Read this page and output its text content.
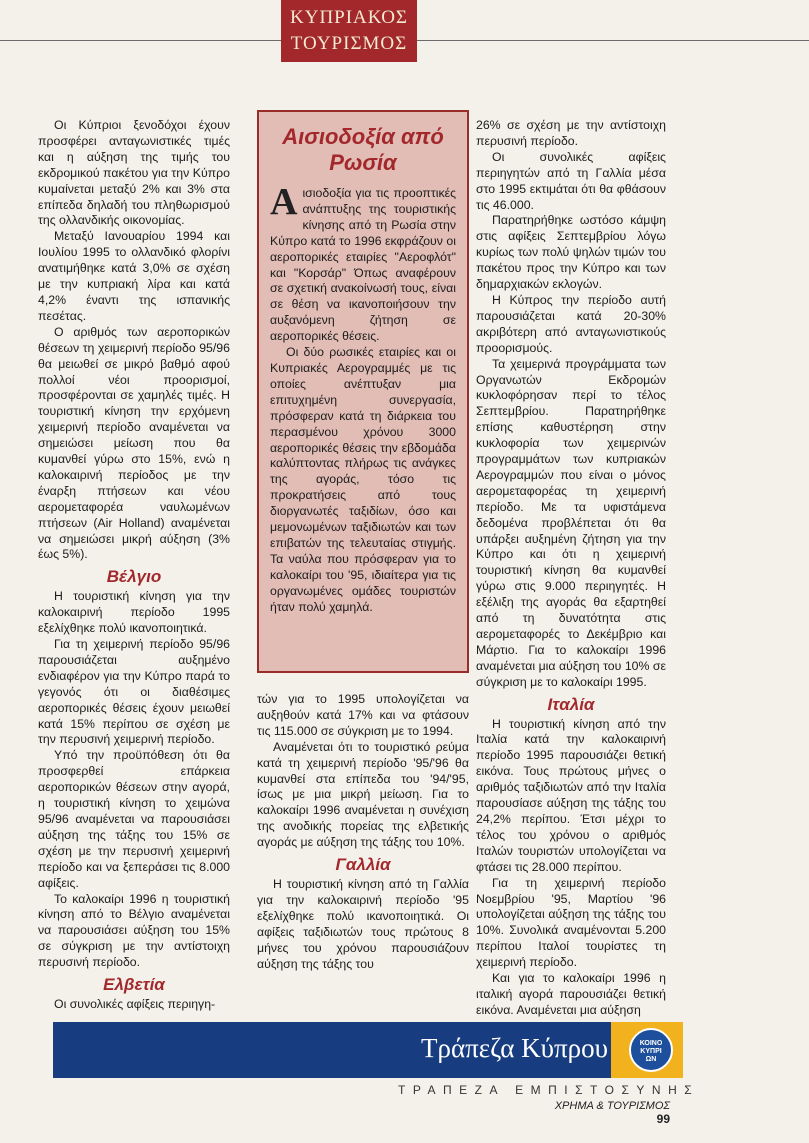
ΚΥΠΡΙΑΚΟΣ
ΤΟΥΡΙΣΜΟΣ

Οι Κύπριοι ξενοδόχοι έχουν προσφέρει ανταγωνιστικές τιμές και η αύξηση της τιμής του εκδρομικού πακέτου για την Κύπρο κυμαίνεται μεταξύ 2% και 3% στα επίπεδα δηλαδή του πληθωρισμού της ολλανδικής οικονομίας.

Μεταξύ Ιανουαρίου 1994 και Ιουλίου 1995 το ολλανδικό φλορίνι ανατιμήθηκε κατά 3,0% σε σχέση με την κυπριακή λίρα και κατά 4,2% έναντι της ισπανικής πεσέτας.

Ο αριθμός των αεροπορικών θέσεων τη χειμερινή περίοδο 95/96 θα μειωθεί σε μικρό βαθμό αφού πολλοί νέοι προορισμοί, προσφέρονται σε χαμηλές τιμές. Η τουριστική κίνηση την ερχόμενη χειμερινή περίοδο αναμένεται να σημειώσει μείωση που θα κυμανθεί γύρω στο 15%, ενώ η καλοκαιρινή περίοδος με την έναρξη πτήσεων και νέου αερομεταφορέα ναυλωμένων πτήσεων (Air Holland) αναμένεται να σημειώσει μικρή αύξηση (3% έως 5%).

Βέλγιο

Η τουριστική κίνηση για την καλοκαιρινή περίοδο 1995 εξελίχθηκε πολύ ικανοποιητικά.

Για τη χειμερινή περίοδο 95/96 παρουσιάζεται αυξημένο ενδιαφέρον για την Κύπρο παρά το γεγονός ότι οι διαθέσιμες αεροπορικές θέσεις έχουν μειωθεί κατά 15% περίπου σε σχέση με την περυσινή χειμερινή περίοδο.

Υπό την προϋπόθεση ότι θα προσφερθεί επάρκεια αεροπορικών θέσεων στην αγορά, η τουριστική κίνηση το χειμώνα 95/96 αναμένεται να παρουσιάσει αύξηση της τάξης του 15% σε σχέση με την περυσινή χειμερινή περίοδο και να ξεπεράσει τις 8.000 αφίξεις.

Το καλοκαίρι 1996 η τουριστική κίνηση από το Βέλγιο αναμένεται να παρουσιάσει αύξηση του 15% σε σύγκριση με την αντίστοιχη περυσινή περίοδο.

Ελβετία

Οι συνολικές αφίξεις περιηγη-

Αισιοδοξία από Ρωσία

Αισιοδοξία για τις προοπτικές ανάπτυξης της τουριστικής κίνησης από τη Ρωσία στην Κύπρο κατά το 1996 εκφράζουν οι αεροπορικές εταιρίες "Αεροφλότ" και "Κορσάρ" Όπως αναφέρουν σε σχετική ανακοίνωσή τους, είναι σε θέση να ικανοποιήσουν την αυξανόμενη ζήτηση σε αεροπορικές θέσεις.

Οι δύο ρωσικές εταιρίες και οι Κυπριακές Αερογραμμές με τις οποίες ανέπτυξαν μια επιτυχημένη συνεργασία, πρόσφεραν κατά τη διάρκεια του περασμένου χρόνου 3000 αεροπορικές θέσεις την εβδομάδα καλύπτοντας πλήρως τις ανάγκες της αγοράς, τόσο τις προκρατήσεις από τους διοργανωτές ταξιδίων, όσο και μεμονωμένων ταξιδιωτών και των επιβατών της τελευταίας στιγμής. Τα ναύλα που πρόσφεραν για το καλοκαίρι του '95, ιδιαίτερα για τις οργανωμένες ομάδες τουριστών ήταν πολύ χαμηλά.

τών για το 1995 υπολογίζεται να αυξηθούν κατά 17% και να φτάσουν τις 115.000 σε σύγκριση με το 1994.

Αναμένεται ότι το τουριστικό ρεύμα κατά τη χειμερινή περίοδο '95/'96 θα κυμανθεί στα επίπεδα του '94/'95, ίσως με μια μικρή μείωση. Για το καλοκαίρι 1996 αναμένεται η συνέχιση της ανοδικής πορείας της ελβετικής αγοράς με αύξηση της τάξης του 10%.

Γαλλία

Η τουριστική κίνηση από τη Γαλλία για την καλοκαιρινή περίοδο '95 εξελίχθηκε πολύ ικανοποιητικά. Οι αφίξεις ταξιδιωτών τους πρώτους 8 μήνες του χρόνου παρουσιάζουν αύξηση της τάξης του

26% σε σχέση με την αντίστοιχη περυσινή περίοδο.

Οι συνολικές αφίξεις περιηγητών από τη Γαλλία μέσα στο 1995 εκτιμάται ότι θα φθάσουν τις 46.000.

Παρατηρήθηκε ωστόσο κάμψη στις αφίξεις Σεπτεμβρίου λόγω κυρίως των πολύ ψηλών τιμών του πακέτου προς την Κύπρο και των δημαρχιακών εκλογών.

Η Κύπρος την περίοδο αυτή παρουσιάζεται κατά 20-30% ακριβότερη από ανταγωνιστικούς προορισμούς.

Τα χειμερινά προγράμματα των Οργανωτών Εκδρομών κυκλοφόρησαν περί το τέλος Σεπτεμβρίου. Παρατηρήθηκε επίσης καθυστέρηση στην κυκλοφορία των χειμερινών προγραμμάτων των κυπριακών Αερογραμμών που είναι ο μόνος αερομεταφορέας τη χειμερινή περίοδο. Με τα υφιστάμενα δεδομένα προβλέπεται ότι θα υπάρξει αυξημένη ζήτηση για την Κύπρο και ότι η χειμερινή τουριστική κίνηση θα κυμανθεί γύρω στις 9.000 περιηγητές. Η εξέλιξη της αγοράς θα εξαρτηθεί από τη δυνατότητα στις αερομεταφορές το Δεκέμβριο και Μάρτιο. Για το καλοκαίρι 1996 αναμένεται μια αύξηση του 10% σε σύγκριση με το καλοκαίρι 1995.

Ιταλία

Η τουριστική κίνηση από την Ιταλία κατά την καλοκαιρινή περίοδο 1995 παρουσιάζει θετική εικόνα. Τους πρώτους μήνες ο αριθμός ταξιδιωτών από την Ιταλία παρουσίασε αύξηση της τάξης του 24,2% περίπου. Έτσι μέχρι το τέλος του χρόνου ο αριθμός Ιταλών τουριστών υπολογίζεται να φτάσει τις 28.000 περίπου.

Για τη χειμερινή περίοδο Νοεμβρίου '95, Μαρτίου '96 υπολογίζεται αύξηση της τάξης του 10%. Συνολικά αναμένονται 5.200 περίπου Ιταλοί τουρίστες τη χειμερινή περίοδο.

Και για το καλοκαίρι 1996 η ιταλική αγορά παρουσιάζει θετική εικόνα. Αναμένεται μια αύξηση

Τράπεζα Κύπρου	ΚΟΙΝΟ
ΚΥΠΡΙ
ΩΝ
ΤΡΑΠΕΖΑ ΕΜΠΙΣΤΟΣΥΝΗΣ
ΧΡΗΜΑ & ΤΟΥΡΙΣΜΟΣ 99
